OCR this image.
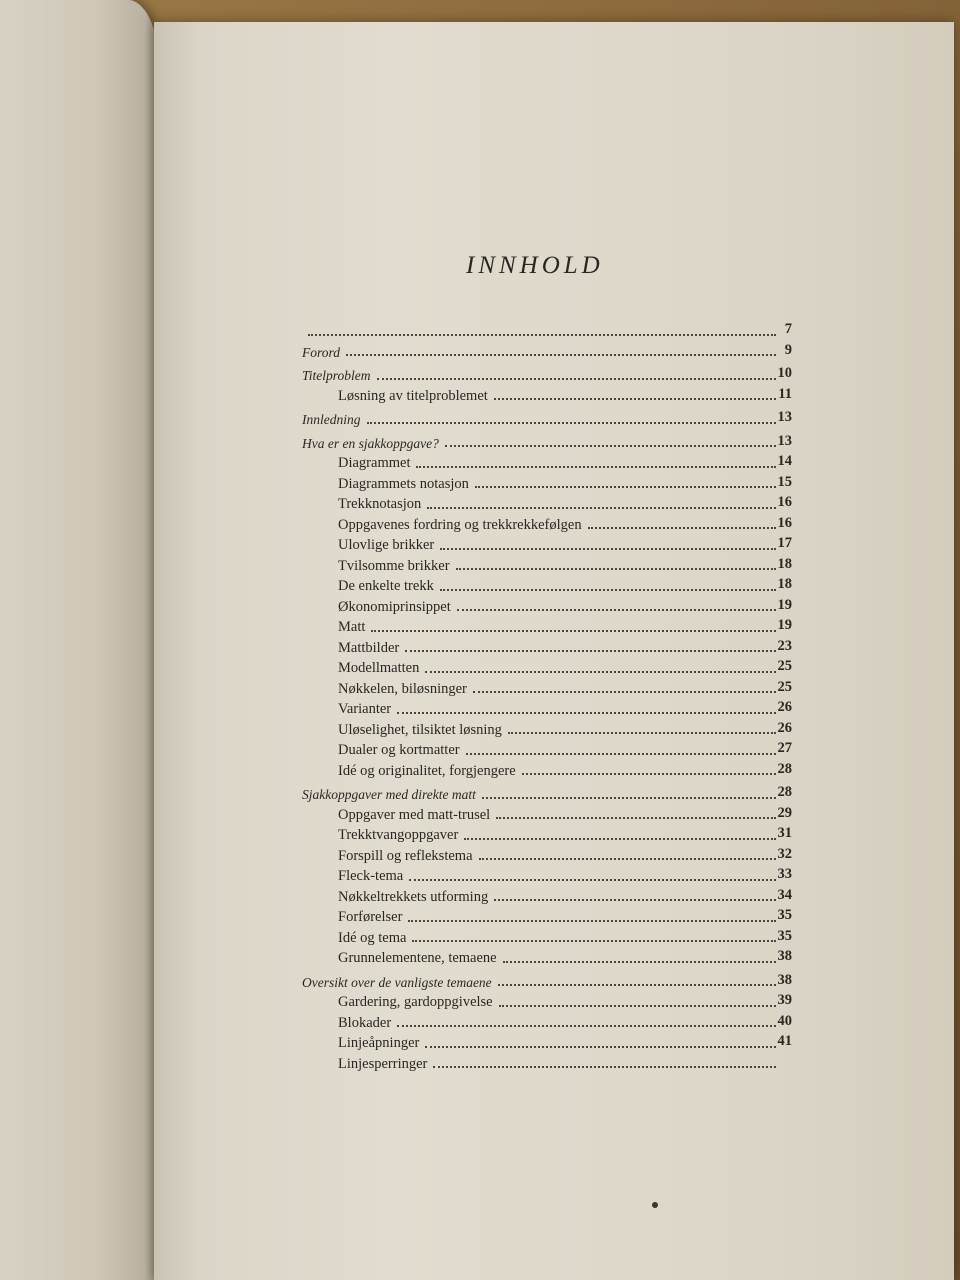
INNHOLD
7
Forord	9
Titelproblem	10
Løsning av titelproblemet	11
Innledning	13
Hva er en sjakkoppgave?	13
Diagrammet	14
Diagrammets notasjon	15
Trekknotasjon	16
Oppgavenes fordring og trekkrekkefølgen	16
Ulovlige brikker	17
Tvilsomme brikker	18
De enkelte trekk	18
Økonomiprinsippet	19
Matt	19
Mattbilder	23
Modellmatten	25
Nøkkelen, biløsninger	25
Varianter	26
Uløselighet, tilsiktet løsning	26
Dualer og kortmatter	27
Idé og originalitet, forgjengere	28
Sjakkoppgaver med direkte matt	28
Oppgaver med matt-trusel	29
Trekktvangoppgaver	31
Forspill og reflekstema	32
Fleck-tema	33
Nøkkeltrekkets utforming	34
Forførelser	35
Idé og tema	35
Grunnelementene, temaene	38
Oversikt over de vanligste temaene	38
Gardering, gardoppgivelse	39
Blokader	40
Linjeåpninger	41
Linjesperringer
